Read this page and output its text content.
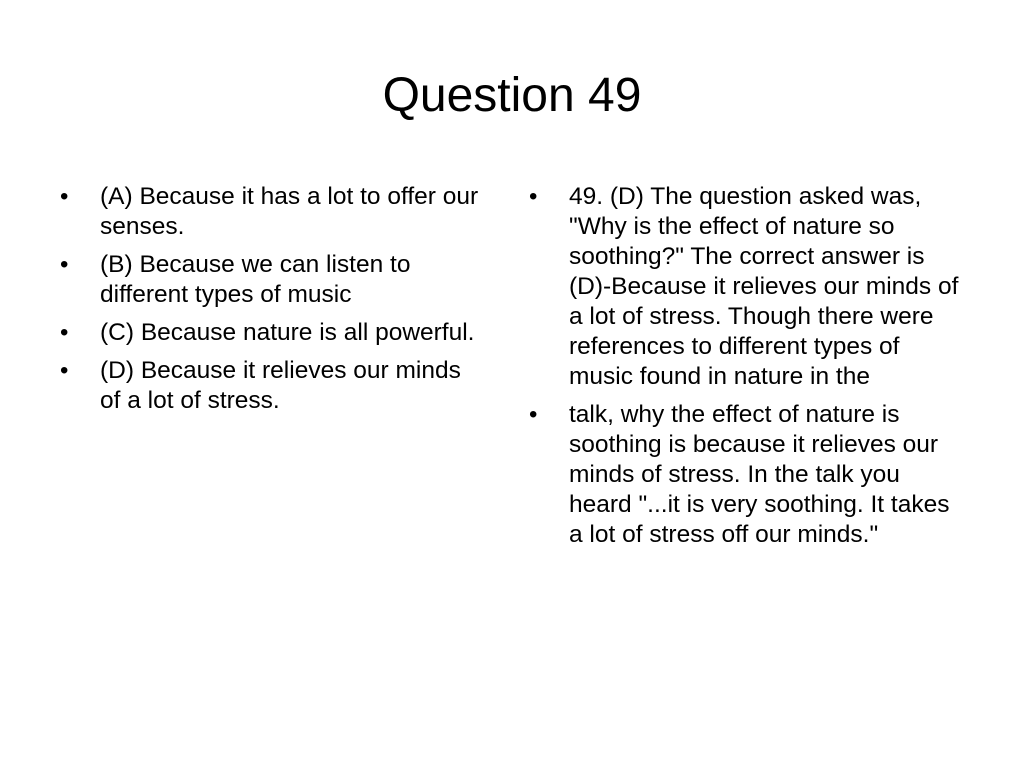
Question 49
•	(A) Because it has a lot to offer our senses.
•	(B) Because we can listen to different types of music
•	(C) Because nature is all powerful.
•	(D) Because it relieves our minds of a lot of stress.
•	49. (D) The question asked was, "Why is the effect of nature so soothing?" The correct answer is (D)-Because it relieves our minds of a lot of stress. Though there were references to different types of music found in nature in the
•	talk, why the effect of nature is soothing is because it relieves our minds of stress. In the talk you heard "...it is very soothing. It takes a lot of stress off our minds."
